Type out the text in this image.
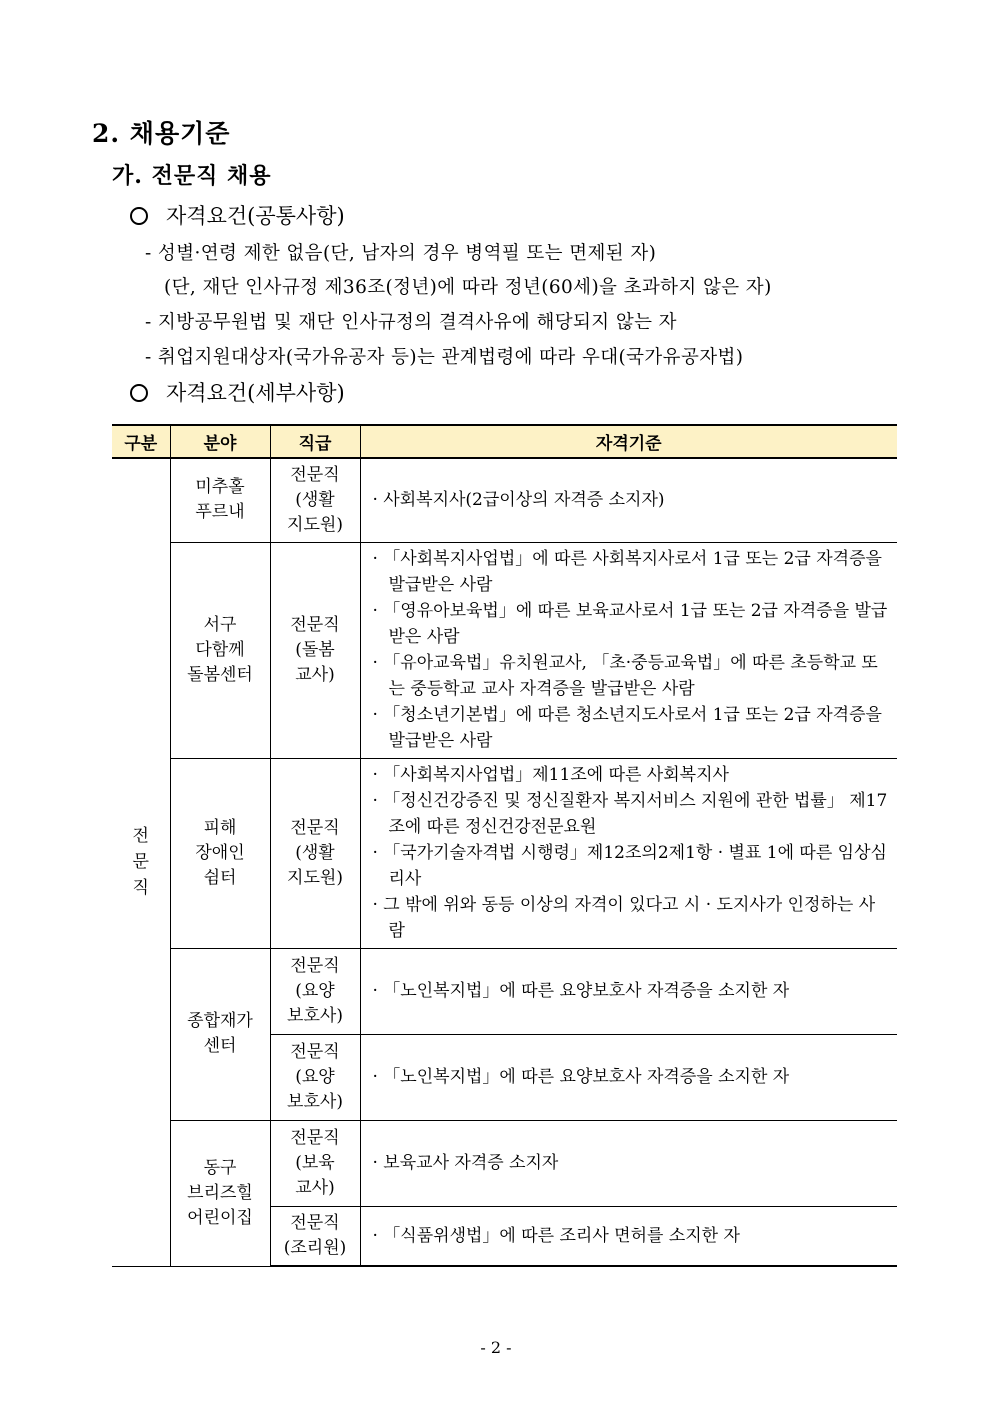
2. 채용기준
가. 전문직 채용
자격요건(공통사항)
- 성별·연령 제한 없음(단, 남자의 경우 병역필 또는 면제된 자)
(단, 재단 인사규정 제36조(정년)에 따라 정년(60세)을 초과하지 않은 자)
- 지방공무원법 및 재단 인사규정의 결격사유에 해당되지 않는 자
- 취업지원대상자(국가유공자 등)는 관계법령에 따라 우대(국가유공자법)
자격요건(세부사항)
구분	분야	직급	자격기준
전
문
직	미추홀
푸르내	전문직
(생활
지도원)	· 사회복지사(2급이상의 자격증 소지자)

	서구
다함께
돌봄센터	전문직
(돌봄
교사)	· 「사회복지사업법」에 따른 사회복지사로서 1급 또는 2급 자격증을 발급받은 사람
· 「영유아보육법」에 따른 보육교사로서 1급 또는 2급 자격증을 발급받은 사람
· 「유아교육법」유치원교사, 「초·중등교육법」에 따른 초등학교 또는 중등학교 교사 자격증을 발급받은 사람
· 「청소년기본법」에 따른 청소년지도사로서 1급 또는 2급 자격증을 발급받은 사람

	피해
장애인
쉼터	전문직
(생활
지도원)	· 「사회복지사업법」제11조에 따른 사회복지사
· 「정신건강증진 및 정신질환자 복지서비스 지원에 관한 법률」 제17조에 따른 정신건강전문요원
· 「국가기술자격법 시행령」제12조의2제1항 · 별표 1에 따른 임상심리사
· 그 밖에 위와 동등 이상의 자격이 있다고 시 · 도지사가 인정하는 사람

	종합재가
센터	전문직
(요양
보호사)	· 「노인복지법」에 따른 요양보호사 자격증을 소지한 자

		전문직
(요양
보호사)	· 「노인복지법」에 따른 요양보호사 자격증을 소지한 자

	동구
브리즈힐
어린이집	전문직
(보육
교사)	· 보육교사 자격증 소지자

		전문직
(조리원)	· 「식품위생법」에 따른 조리사 면허를 소지한 자
- 2 -
